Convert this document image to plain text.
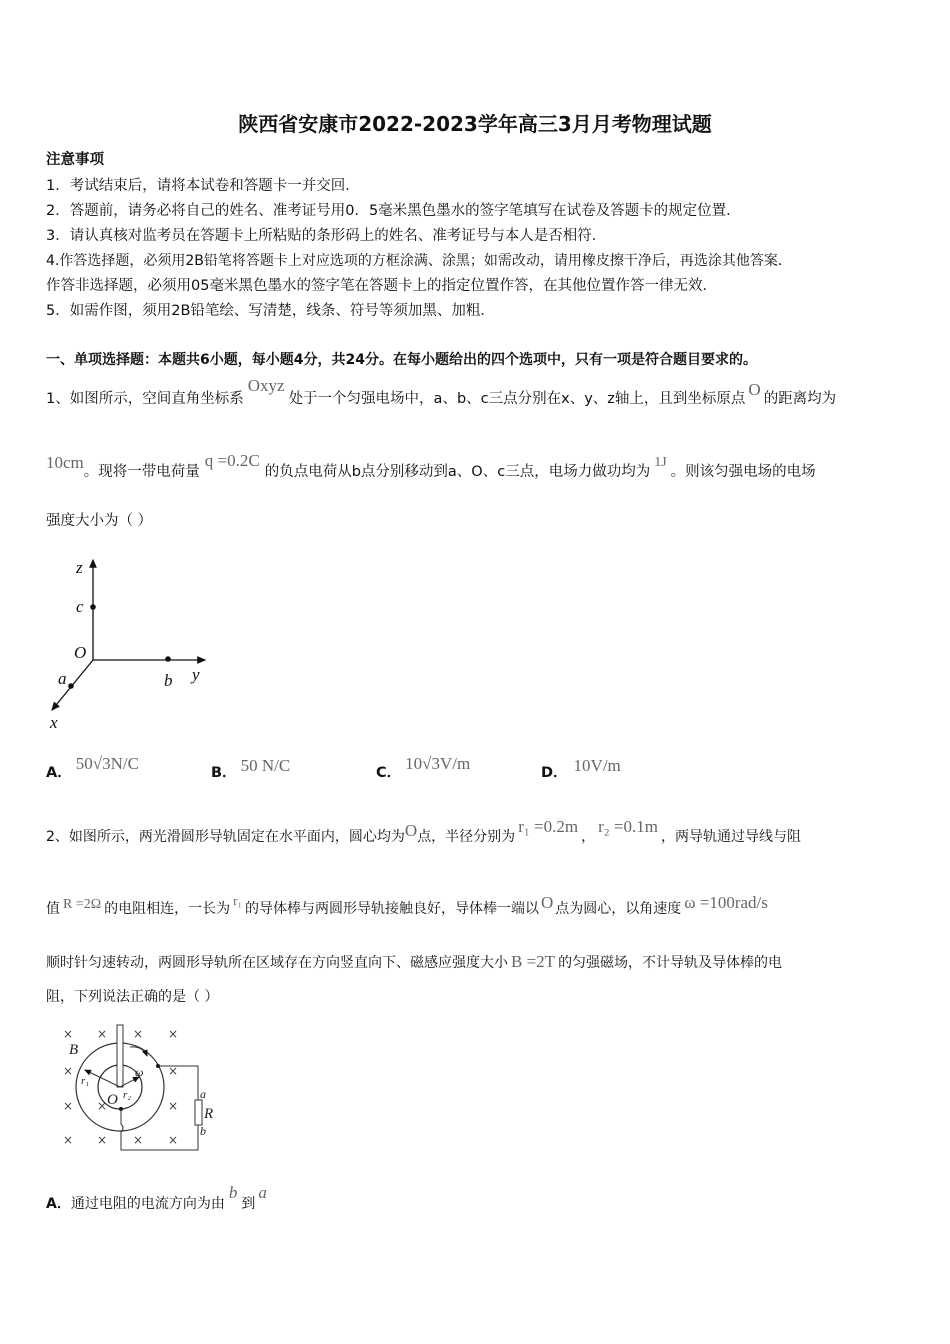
陕西省安康市2022-2023学年高三3月月考物理试题
注意事项
1．考试结束后，请将本试卷和答题卡一并交回．
2．答题前，请务必将自己的姓名、准考证号用0．5毫米黑色墨水的签字笔填写在试卷及答题卡的规定位置．
3．请认真核对监考员在答题卡上所粘贴的条形码上的姓名、准考证号与本人是否相符．
4.作答选择题，必须用2B铅笔将答题卡上对应选项的方框涂满、涂黑；如需改动，请用橡皮擦干净后，再选涂其他答案．
作答非选择题，必须用05毫米黑色墨水的签字笔在答题卡上的指定位置作答，在其他位置作答一律无效．
5．如需作图，须用2B铅笔绘、写清楚，线条、符号等须加黑、加粗．
一、单项选择题：本题共6小题，每小题4分，共24分。在每小题给出的四个选项中，只有一项是符合题目要求的。
1、如图所示，空间直角坐标系Oxyz处于一个匀强电场中，a、b、c三点分别在x、y、z轴上，且到坐标原点 O 的距离均为
10cm。现将一带电荷量q =0.2C的负点电荷从b点分别移动到a、O、c三点，电场力做功均为1J。则该匀强电场的电场
强度大小为（ ）
z
c
O
b y
a
x
A． 50√3N/C	B． 50 N/C	C． 10√3V/m	D． 10V/m
2、如图所示，两光滑圆形导轨固定在水平面内，圆心均为O点，半径分别为r₁ =0.2m，r₂ =0.1m，两导轨通过导线与阻
值 R =2Ω 的电阻相连，一长为r₁的导体棒与两圆形导轨接触良好，导体棒一端以 O 点为圆心，以角速度 ω =100rad/s
顺时针匀速转动，两圆形导轨所在区域存在方向竖直向下、磁感应强度大小 B =2T 的匀强磁场，不计导轨及导体棒的电
阻，下列说法正确的是（ ）
× × × ×
×	×
× ×	×
× × × ×
B
r₁
r₂
O
ω
a
R
b
A．通过电阻的电流方向为由b到a
